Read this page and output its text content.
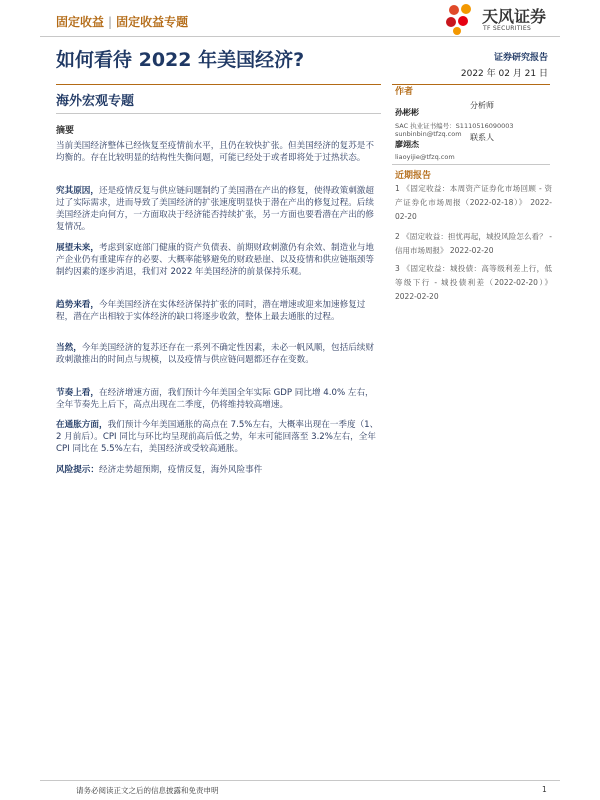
固定收益 | 固定收益专题	天风证券
TF SECURITIES
如何看待 2022 年美国经济?	证券研究报告
2022 年 02 月 21 日
海外宏观专题
摘要
当前美国经济整体已经恢复至疫情前水平，且仍在较快扩张。但美国经济的复苏是不均衡的。存在比较明显的结构性失衡问题，可能已经处于或者即将处于过热状态。
究其原因，还是疫情反复与供应链问题制约了美国潜在产出的修复，使得政策刺激超过了实际需求，进而导致了美国经济的扩张速度明显快于潜在产出的修复过程。后续美国经济走向何方，一方面取决于经济能否持续扩张，另一方面也要看潜在产出的修复情况。
展望未来，考虑到家庭部门健康的资产负债表、前期财政刺激仍有余效、制造业与地产企业仍有重建库存的必要、大概率能够避免的财政悬崖、以及疫情和供应链瓶颈等制约因素的逐步消退，我们对 2022 年美国经济的前景保持乐观。
趋势来看，今年美国经济在实体经济保持扩张的同时，潜在增速或迎来加速修复过程，潜在产出相较于实体经济的缺口将逐步收敛，整体上最去通胀的过程。
当然，今年美国经济的复苏还存在一系列不确定性因素，未必一帆风顺，包括后续财政刺激推出的时间点与规模，以及疫情与供应链问题都还存在变数。
节奏上看，在经济增速方面，我们预计今年美国全年实际 GDP 同比增 4.0% 左右，全年节奏先上后下，高点出现在二季度，仍将维持较高增速。
在通胀方面，我们预计今年美国通胀的高点在 7.5%左右，大概率出现在一季度（1、2 月前后）。CPI 同比与环比均呈现前高后低之势，年末可能回落至 3.2%左右，全年 CPI 同比在 5.5%左右，美国经济或受较高通胀。
风险提示：经济走势超预期，疫情反复，海外风险事件
作者
孙彬彬
分析师
SAC 执业证书编号：S1110516090003
sunbinbin@tfzq.com
廖翊杰
联系人
liaoyijie@tfzq.com
近期报告
1 《固定收益：本周资产证券化市场回顾 - 资产证券化市场周报（2022-02-18）》 2022-02-20
2 《固定收益：担忧再起，城投风险怎么看？ - 信用市场周报》 2022-02-20
3 《固定收益：城投债：高等级利差上行，低等级下行 - 城投债利差（2022-02-20）》 2022-02-20
请务必阅读正文之后的信息披露和免责申明	1
